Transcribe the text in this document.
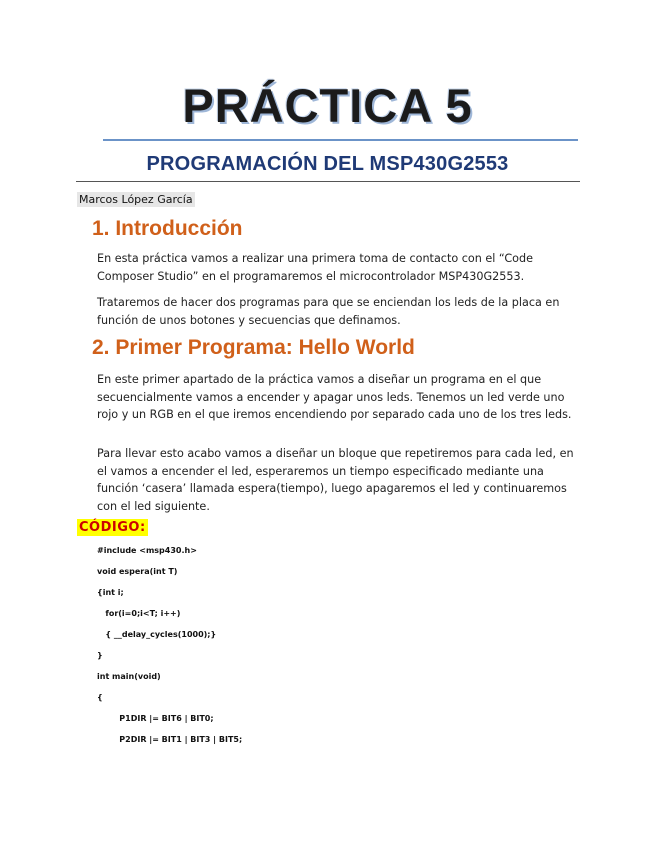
PRÁCTICA 5
PROGRAMACIÓN DEL MSP430G2553
Marcos López García
1. Introducción

En esta práctica vamos a realizar una primera toma de contacto con el “Code Composer Studio” en el programaremos el microcontrolador MSP430G2553.

Trataremos de hacer dos programas para que se enciendan los leds de la placa en función de unos botones y secuencias que definamos.

2. Primer Programa: Hello World

En este primer apartado de la práctica vamos a diseñar un programa en el que secuencialmente vamos a encender y apagar unos leds. Tenemos un led verde uno rojo y un RGB en el que iremos encendiendo por separado cada uno de los tres leds.

Para llevar esto acabo vamos a diseñar un bloque que repetiremos para cada led, en el vamos a encender el led, esperaremos un tiempo especificado mediante una función ‘casera’ llamada espera(tiempo), luego apagaremos el led y continuaremos con el led siguiente.

CÓDIGO:
#include <msp430.h>
void espera(int T)
{int i;
for(i=0;i<T; i++)
{ __delay_cycles(1000);}
}
int main(void)
{
P1DIR |= BIT6 | BIT0;
P2DIR |= BIT1 | BIT3 | BIT5;
